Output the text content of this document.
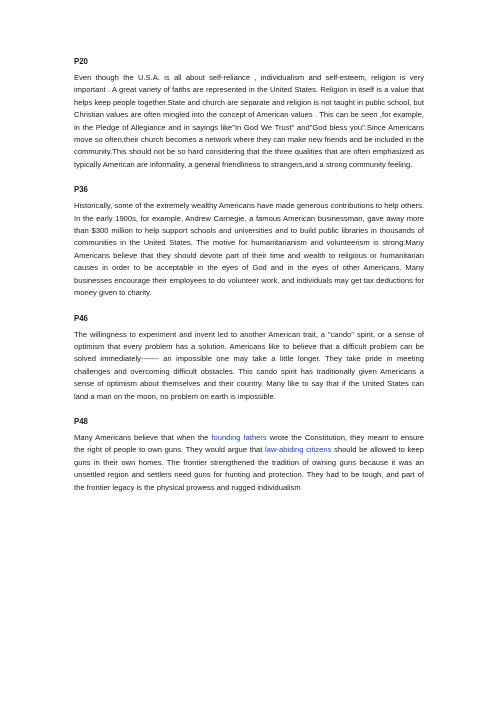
P20

Even though the U.S.A. is all about self-reliance , individualism and self-esteem, religion is very important . A great variety of faiths are represented in the United States. Religion in itself is a value that helps keep people together.State and church are separate and religion is not taught in public school, but Christian values are often mingled into the concept of American values . This can be seen ,for example, in the Pledge of Allegiance and in sayings like"In God We Trust" and"God bless you".Since Americans move so often,their church becomes a network where they can make new friends and be included in the community.This should not be so hard considering that the three qualities that are often emphasized as typically American are informality, a general friendliness to strangers,and a strong community feeling.

P36

Historically, some of the extremely wealthy Americans have made generous contributions to help others. In the early 1900s, for example, Andrew Carnegie, a famous American businessman, gave away more than $300 million to help support schools and universities and to build public libraries in thousands of communities in the United States. The motive for humanitarianism and volunteerism is strong:Many Americans believe that they should devote part of their time and wealth to religious or humanitarian causes in order to be acceptable in the eyes of God and in the eyes of other Americans. Many businesses encourage their employees to do volunteer work, and individuals may get tax deductions for money given to charity.

P46

The willingness to experiment and invent led to another American trait, a "cando" spirit, or a sense of optimism that every problem has a solution. Americans like to believe that a difficult problem can be solved immediately------- an impossible one may take a little longer. They take pride in meeting challenges and overcoming difficult obstacles. This cando spirit has traditionally given Americans a sense of optimism about themselves and their country. Many like to say that if the United States can land a man on the moon, no problem on earth is impossible.

P48

Many Americans believe that when the founding fathers wrote the Constitution, they meant to ensure the right of people to own guns. They would argue that law-abiding citizens should be allowed to keep guns in their own homes. The frontier strengthened the tradition of owning guns because it was an unsettled region and settlers need guns for hunting and protection. They had to be tough, and part of the frontier legacy is the physical prowess and rugged individualism
